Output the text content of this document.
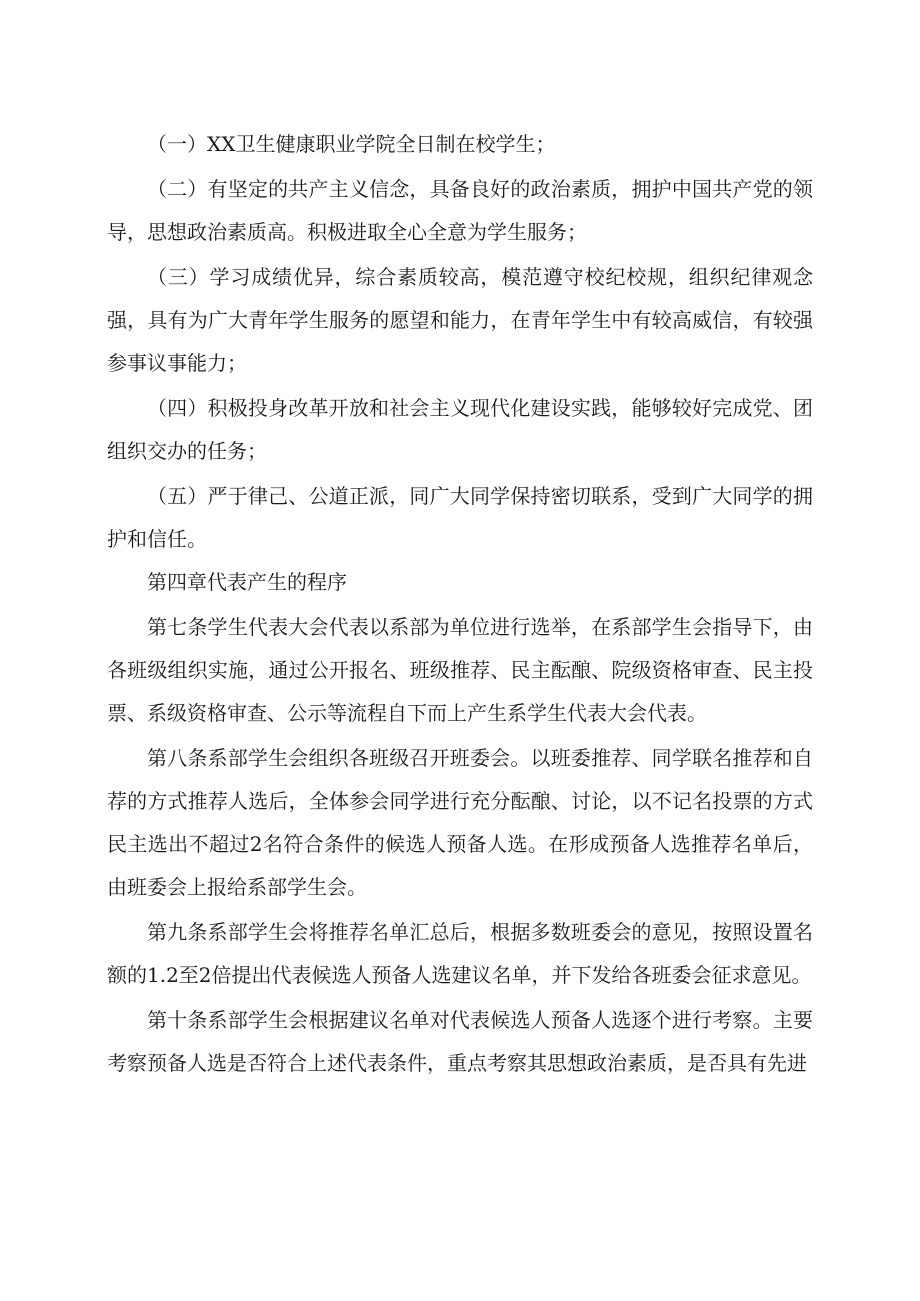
（一）XX卫生健康职业学院全日制在校学生；

（二）有坚定的共产主义信念，具备良好的政治素质，拥护中国共产党的领导，思想政治素质高。积极进取全心全意为学生服务；

（三）学习成绩优异，综合素质较高，模范遵守校纪校规，组织纪律观念强，具有为广大青年学生服务的愿望和能力，在青年学生中有较高威信，有较强参事议事能力；

（四）积极投身改革开放和社会主义现代化建设实践，能够较好完成党、团组织交办的任务；

（五）严于律己、公道正派，同广大同学保持密切联系，受到广大同学的拥护和信任。

第四章代表产生的程序

第七条学生代表大会代表以系部为单位进行选举，在系部学生会指导下，由各班级组织实施，通过公开报名、班级推荐、民主酝酿、院级资格审查、民主投票、系级资格审查、公示等流程自下而上产生系学生代表大会代表。

第八条系部学生会组织各班级召开班委会。以班委推荐、同学联名推荐和自荐的方式推荐人选后，全体参会同学进行充分酝酿、讨论，以不记名投票的方式民主选出不超过2名符合条件的候选人预备人选。在形成预备人选推荐名单后，由班委会上报给系部学生会。

第九条系部学生会将推荐名单汇总后，根据多数班委会的意见，按照设置名额的1.2至2倍提出代表候选人预备人选建议名单，并下发给各班委会征求意见。

第十条系部学生会根据建议名单对代表候选人预备人选逐个进行考察。主要考察预备人选是否符合上述代表条件，重点考察其思想政治素质，是否具有先进
